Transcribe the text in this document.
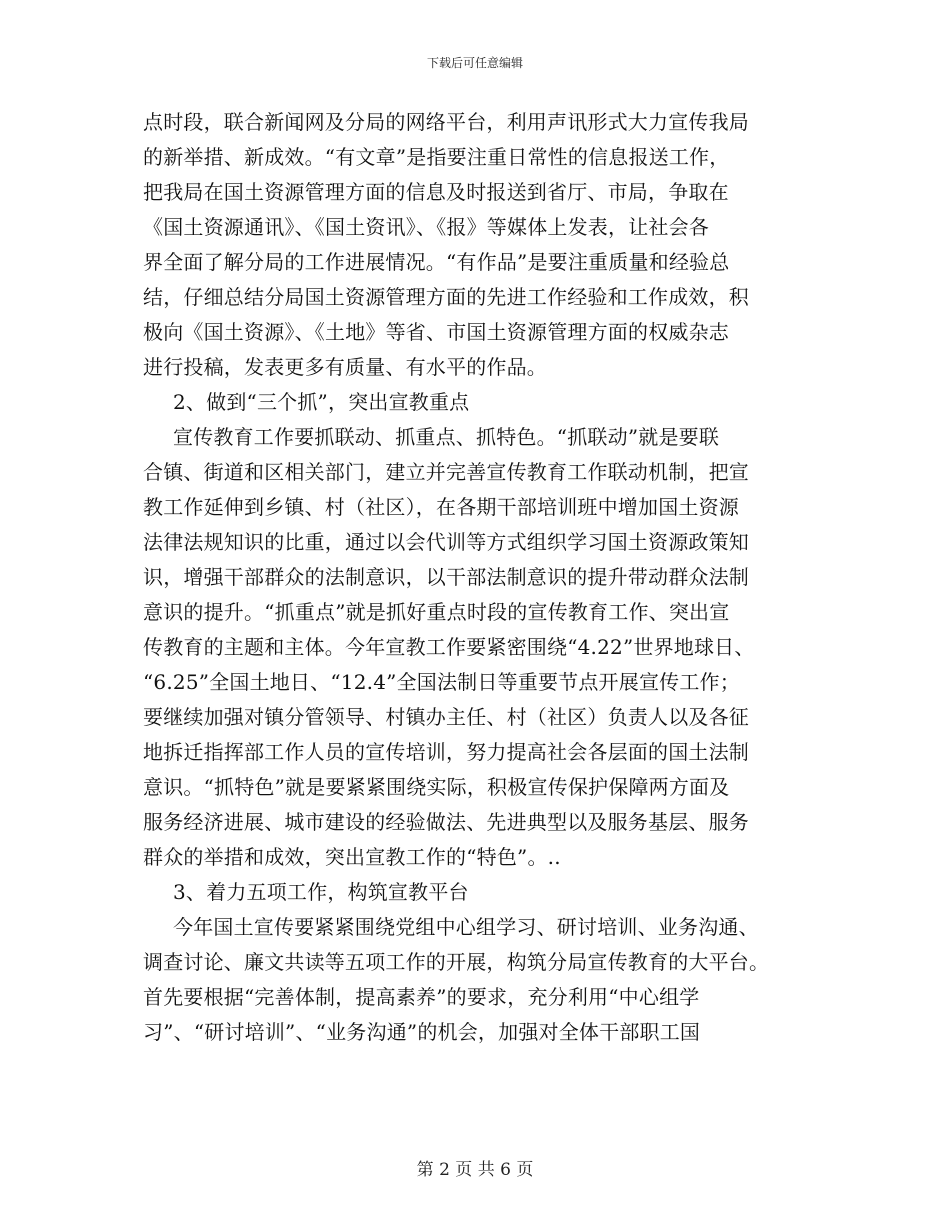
下载后可任意编辑
点时段，联合新闻网及分局的网络平台，利用声讯形式大力宣传我局
的新举措、新成效。“有文章”是指要注重日常性的信息报送工作，
把我局在国土资源管理方面的信息及时报送到省厅、市局，争取在
《国土资源通讯》、《国土资讯》、《报》等媒体上发表，让社会各
界全面了解分局的工作进展情况。“有作品”是要注重质量和经验总
结，仔细总结分局国土资源管理方面的先进工作经验和工作成效，积
极向《国土资源》、《土地》等省、市国土资源管理方面的权威杂志
进行投稿，发表更多有质量、有水平的作品。
2、做到“三个抓”，突出宣教重点
宣传教育工作要抓联动、抓重点、抓特色。“抓联动”就是要联
合镇、街道和区相关部门，建立并完善宣传教育工作联动机制，把宣
教工作延伸到乡镇、村（社区），在各期干部培训班中增加国土资源
法律法规知识的比重，通过以会代训等方式组织学习国土资源政策知
识，增强干部群众的法制意识，以干部法制意识的提升带动群众法制
意识的提升。“抓重点”就是抓好重点时段的宣传教育工作、突出宣
传教育的主题和主体。今年宣教工作要紧密围绕“4.22”世界地球日、
“6.25”全国土地日、“12.4”全国法制日等重要节点开展宣传工作；
要继续加强对镇分管领导、村镇办主任、村（社区）负责人以及各征
地拆迁指挥部工作人员的宣传培训，努力提高社会各层面的国土法制
意识。“抓特色”就是要紧紧围绕实际，积极宣传保护保障两方面及
服务经济进展、城市建设的经验做法、先进典型以及服务基层、服务
群众的举措和成效，突出宣教工作的“特色”。..
3、着力五项工作，构筑宣教平台
今年国土宣传要紧紧围绕党组中心组学习、研讨培训、业务沟通、
调查讨论、廉文共读等五项工作的开展，构筑分局宣传教育的大平台。
首先要根据“完善体制，提高素养”的要求，充分利用“中心组学
习”、“研讨培训”、“业务沟通”的机会，加强对全体干部职工国
第 2 页 共 6 页
